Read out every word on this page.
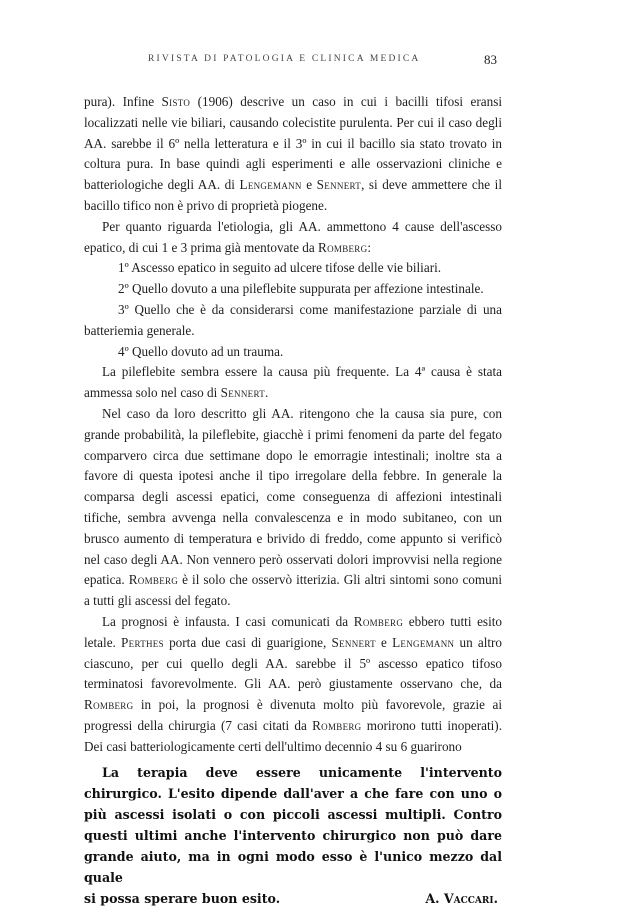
RIVISTA DI PATOLOGIA E CLINICA MEDICA	83

pura). Infine Sisto (1906) descrive un caso in cui i bacilli tifosi eransi localizzati nelle vie biliari, causando colecistite purulenta. Per cui il caso degli AA. sarebbe il 6º nella letteratura e il 3º in cui il bacillo sia stato trovato in coltura pura. In base quindi agli esperimenti e alle osservazioni cliniche e batteriologiche degli AA. di Lengemann e Sennert, si deve ammettere che il bacillo tifico non è privo di proprietà piogene.

Per quanto riguarda l'etiologia, gli AA. ammettono 4 cause dell'ascesso epatico, di cui 1 e 3 prima già mentovate da Romberg:

1º Ascesso epatico in seguito ad ulcere tifose delle vie biliari.

2º Quello dovuto a una pileflebite suppurata per affezione intestinale.

3º Quello che è da considerarsi come manifestazione parziale di una batteriemia generale.

4º Quello dovuto ad un trauma.

La pileflebite sembra essere la causa più frequente. La 4ª causa è stata ammessa solo nel caso di Sennert.

Nel caso da loro descritto gli AA. ritengono che la causa sia pure, con grande probabilità, la pileflebite, giacchè i primi fenomeni da parte del fegato comparvero circa due settimane dopo le emorragie intestinali; inoltre sta a favore di questa ipotesi anche il tipo irregolare della febbre. In generale la comparsa degli ascessi epatici, come conseguenza di affezioni intestinali tifiche, sembra avvenga nella convalescenza e in modo subitaneo, con un brusco aumento di temperatura e brivido di freddo, come appunto si verificò nel caso degli AA. Non vennero però osservati dolori improvvisi nella regione epatica. Romberg è il solo che osservò itterizia. Gli altri sintomi sono comuni a tutti gli ascessi del fegato.

La prognosi è infausta. I casi comunicati da Romberg ebbero tutti esito letale. Perthes porta due casi di guarigione, Sennert e Lengemann un altro ciascuno, per cui quello degli AA. sarebbe il 5º ascesso epatico tifoso terminatosi favorevolmente. Gli AA. però giustamente osservano che, da Romberg in poi, la prognosi è divenuta molto più favorevole, grazie ai progressi della chirurgia (7 casi citati da Romberg morirono tutti inoperati). Dei casi batteriologicamente certi dell'ultimo decennio 4 su 6 guarirono

La terapia deve essere unicamente l'intervento chirurgico. L'esito dipende dall'aver a che fare con uno o più ascessi isolati o con piccoli ascessi multipli. Contro questi ultimi anche l'intervento chirurgico non può dare grande aiuto, ma in ogni modo esso è l'unico mezzo dal quale
si possa sperare buon esito.	A. Vaccari.
